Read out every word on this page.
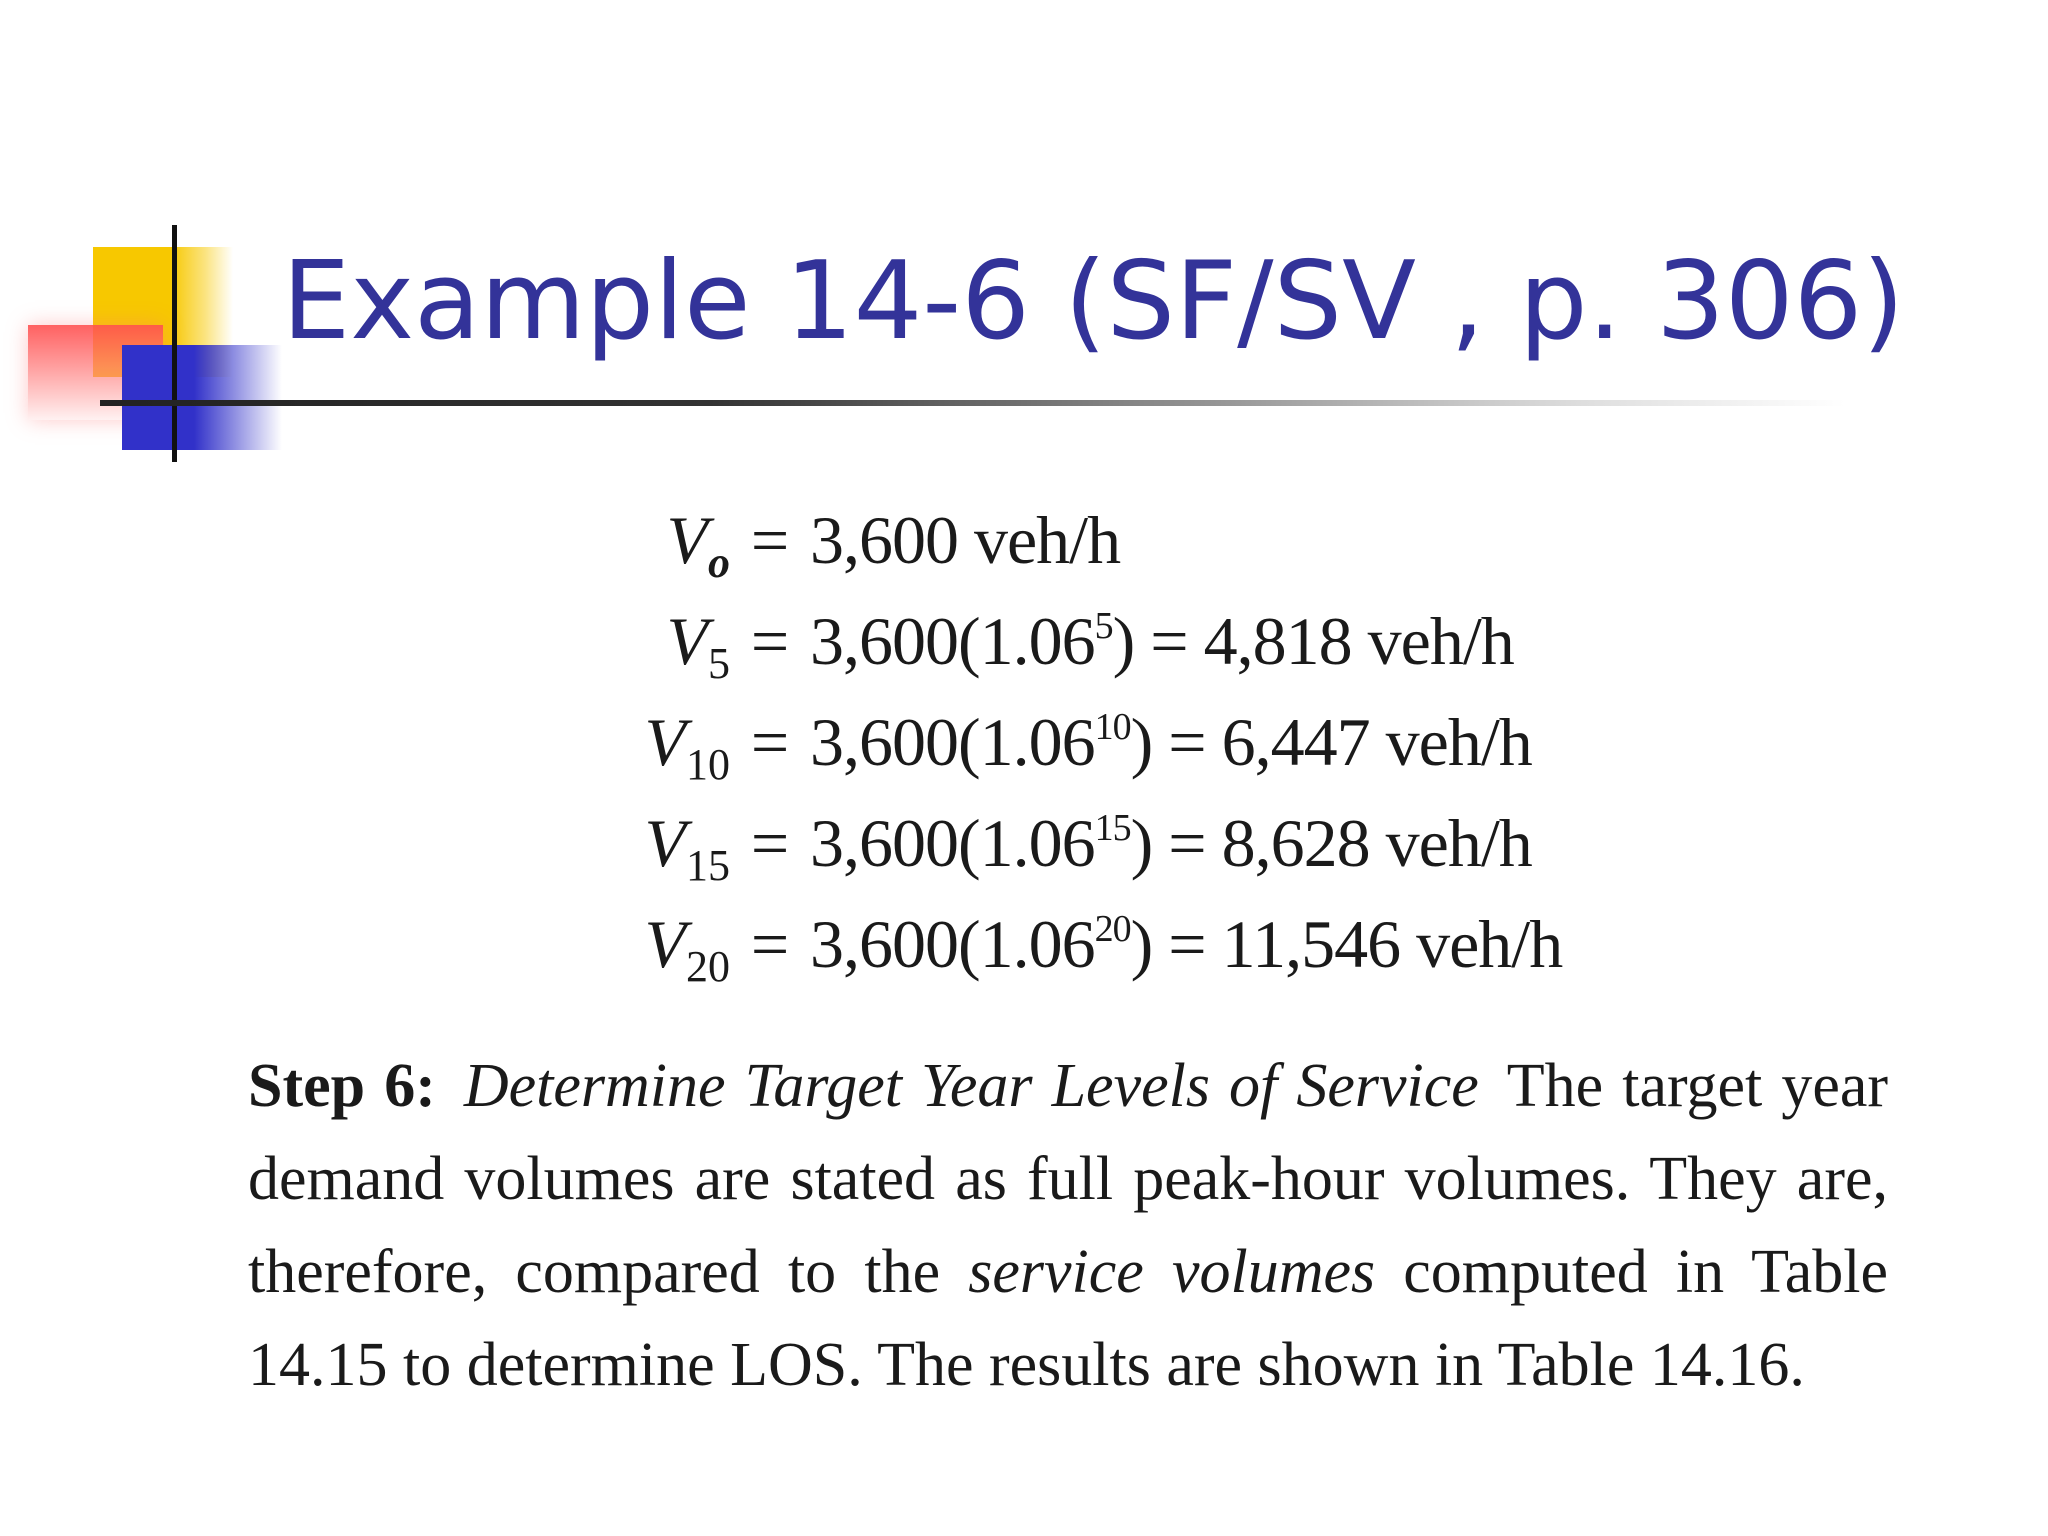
Example 14-6 (SF/SV , p. 306)
$V_o = 3,600$ veh/h
$V_5 = 3,600(1.06^5) = 4,818$ veh/h
$V_{10} = 3,600(1.06^{10}) = 6,447$ veh/h
$V_{15} = 3,600(1.06^{15}) = 8,628$ veh/h
$V_{20} = 3,600(1.06^{20}) = 11,546$ veh/h

Step 6: Determine Target Year Levels of Service The target year demand volumes are stated as full peak-hour volumes. They are, therefore, compared to the service volumes computed in Table 14.15 to determine LOS. The results are shown in Table 14.16.
